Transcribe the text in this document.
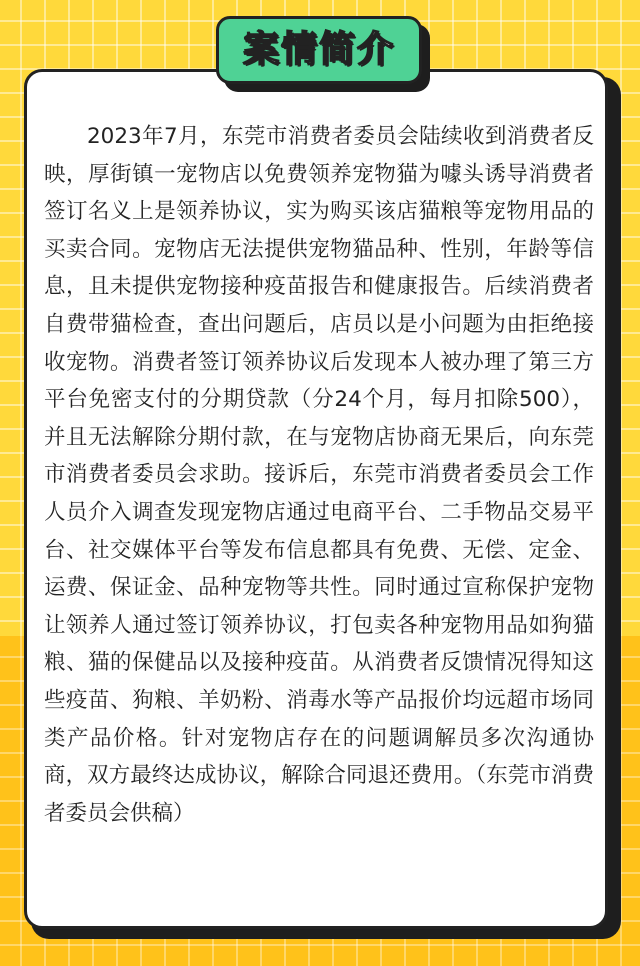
案情简介

2023年7月，东莞市消费者委员会陆续收到消费者反映，厚街镇一宠物店以免费领养宠物猫为噱头诱导消费者签订名义上是领养协议，实为购买该店猫粮等宠物用品的买卖合同。宠物店无法提供宠物猫品种、性别，年龄等信息，且未提供宠物接种疫苗报告和健康报告。后续消费者自费带猫检查，查出问题后，店员以是小问题为由拒绝接收宠物。消费者签订领养协议后发现本人被办理了第三方平台免密支付的分期贷款（分24个月，每月扣除500），并且无法解除分期付款，在与宠物店协商无果后，向东莞市消费者委员会求助。接诉后，东莞市消费者委员会工作人员介入调查发现宠物店通过电商平台、二手物品交易平台、社交媒体平台等发布信息都具有免费、无偿、定金、运费、保证金、品种宠物等共性。同时通过宣称保护宠物让领养人通过签订领养协议，打包卖各种宠物用品如狗猫粮、猫的保健品以及接种疫苗。从消费者反馈情况得知这些疫苗、狗粮、羊奶粉、消毒水等产品报价均远超市场同类产品价格。针对宠物店存在的问题调解员多次沟通协商，双方最终达成协议，解除合同退还费用。（东莞市消费者委员会供稿）
